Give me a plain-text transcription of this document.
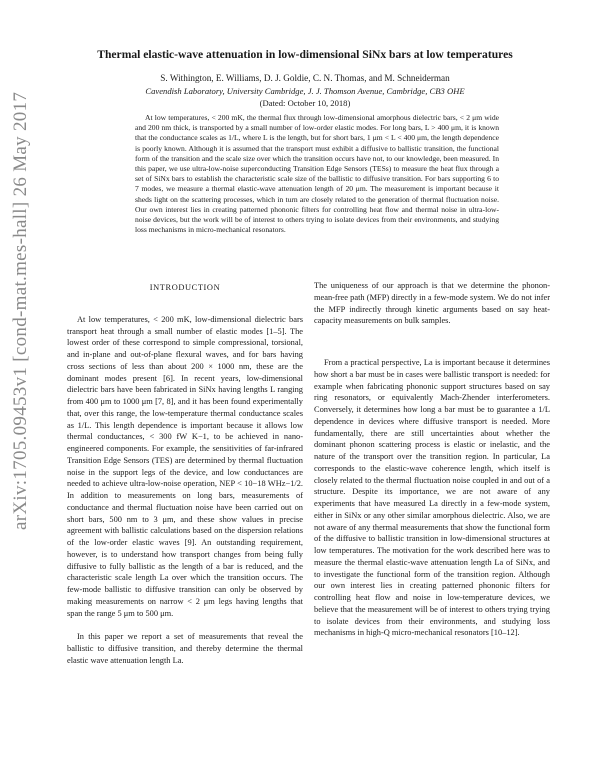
arXiv:1705.09453v1 [cond-mat.mes-hall] 26 May 2017
Thermal elastic-wave attenuation in low-dimensional SiNx bars at low temperatures
S. Withington, E. Williams, D. J. Goldie, C. N. Thomas, and M. Schneiderman
Cavendish Laboratory, University Cambridge, J. J. Thomson Avenue, Cambridge, CB3 OHE
(Dated: October 10, 2018)

At low temperatures, < 200 mK, the thermal flux through low-dimensional amorphous dielectric bars, < 2 μm wide and 200 nm thick, is transported by a small number of low-order elastic modes. For long bars, L > 400 μm, it is known that the conductance scales as 1/L, where L is the length, but for short bars, 1 μm < L < 400 μm, the length dependence is poorly known. Although it is assumed that the transport must exhibit a diffusive to ballistic transition, the functional form of the transition and the scale size over which the transition occurs have not, to our knowledge, been measured. In this paper, we use ultra-low-noise superconducting Transition Edge Sensors (TESs) to measure the heat flux through a set of SiNx bars to establish the characteristic scale size of the ballistic to diffusive transition. For bars supporting 6 to 7 modes, we measure a thermal elastic-wave attenuation length of 20 μm. The measurement is important because it sheds light on the scattering processes, which in turn are closely related to the generation of thermal fluctuation noise. Our own interest lies in creating patterned phononic filters for controlling heat flow and thermal noise in ultra-low-noise devices, but the work will be of interest to others trying to isolate devices from their environments, and studying loss mechanisms in micro-mechanical resonators.

INTRODUCTION

At low temperatures, < 200 mK, low-dimensional dielectric bars transport heat through a small number of elastic modes [1–5]. The lowest order of these correspond to simple compressional, torsional, and in-plane and out-of-plane flexural waves, and for bars having cross sections of less than about 200 × 1000 nm, these are the dominant modes present [6]. In recent years, low-dimensional dielectric bars have been fabricated in SiNx having lengths L ranging from 400 μm to 1000 μm [7, 8], and it has been found experimentally that, over this range, the low-temperature thermal conductance scales as 1/L. This length dependence is important because it allows low thermal conductances, < 300 fW K−1, to be achieved in nano-engineered components. For example, the sensitivities of far-infrared Transition Edge Sensors (TES) are determined by thermal fluctuation noise in the support legs of the device, and low conductances are needed to achieve ultra-low-noise operation, NEP < 10−18 WHz−1/2. In addition to measurements on long bars, measurements of conductance and thermal fluctuation noise have been carried out on short bars, 500 nm to 3 μm, and these show values in precise agreement with ballistic calculations based on the dispersion relations of the low-order elastic waves [9]. An outstanding requirement, however, is to understand how transport changes from being fully diffusive to fully ballistic as the length of a bar is reduced, and the characteristic scale length La over which the transition occurs. The few-mode ballistic to diffusive transition can only be observed by making measurements on narrow < 2 μm legs having lengths that span the range 5 μm to 500 μm.

In this paper we report a set of measurements that reveal the ballistic to diffusive transition, and thereby determine the thermal elastic wave attenuation length La.

The uniqueness of our approach is that we determine the phonon-mean-free path (MFP) directly in a few-mode system. We do not infer the MFP indirectly through kinetic arguments based on say heat-capacity measurements on bulk samples.

From a practical perspective, La is important because it determines how short a bar must be in cases were ballistic transport is needed: for example when fabricating phononic support structures based on say ring resonators, or equivalently Mach-Zhender interferometers. Conversely, it determines how long a bar must be to guarantee a 1/L dependence in devices where diffusive transport is needed. More fundamentally, there are still uncertainties about whether the dominant phonon scattering process is elastic or inelastic, and the nature of the transport over the transition region. In particular, La corresponds to the elastic-wave coherence length, which itself is closely related to the thermal fluctuation noise coupled in and out of a structure. Despite its importance, we are not aware of any experiments that have measured La directly in a few-mode system, either in SiNx or any other similar amorphous dielectric. Also, we are not aware of any thermal measurements that show the functional form of the diffusive to ballistic transition in low-dimensional structures at low temperatures. The motivation for the work described here was to measure the thermal elastic-wave attenuation length La of SiNx, and to investigate the functional form of the transition region. Although our own interest lies in creating patterned phononic filters for controlling heat flow and noise in low-temperature devices, we believe that the measurement will be of interest to others trying trying to isolate devices from their environments, and studying loss mechanisms in high-Q micro-mechanical resonators [10–12].
